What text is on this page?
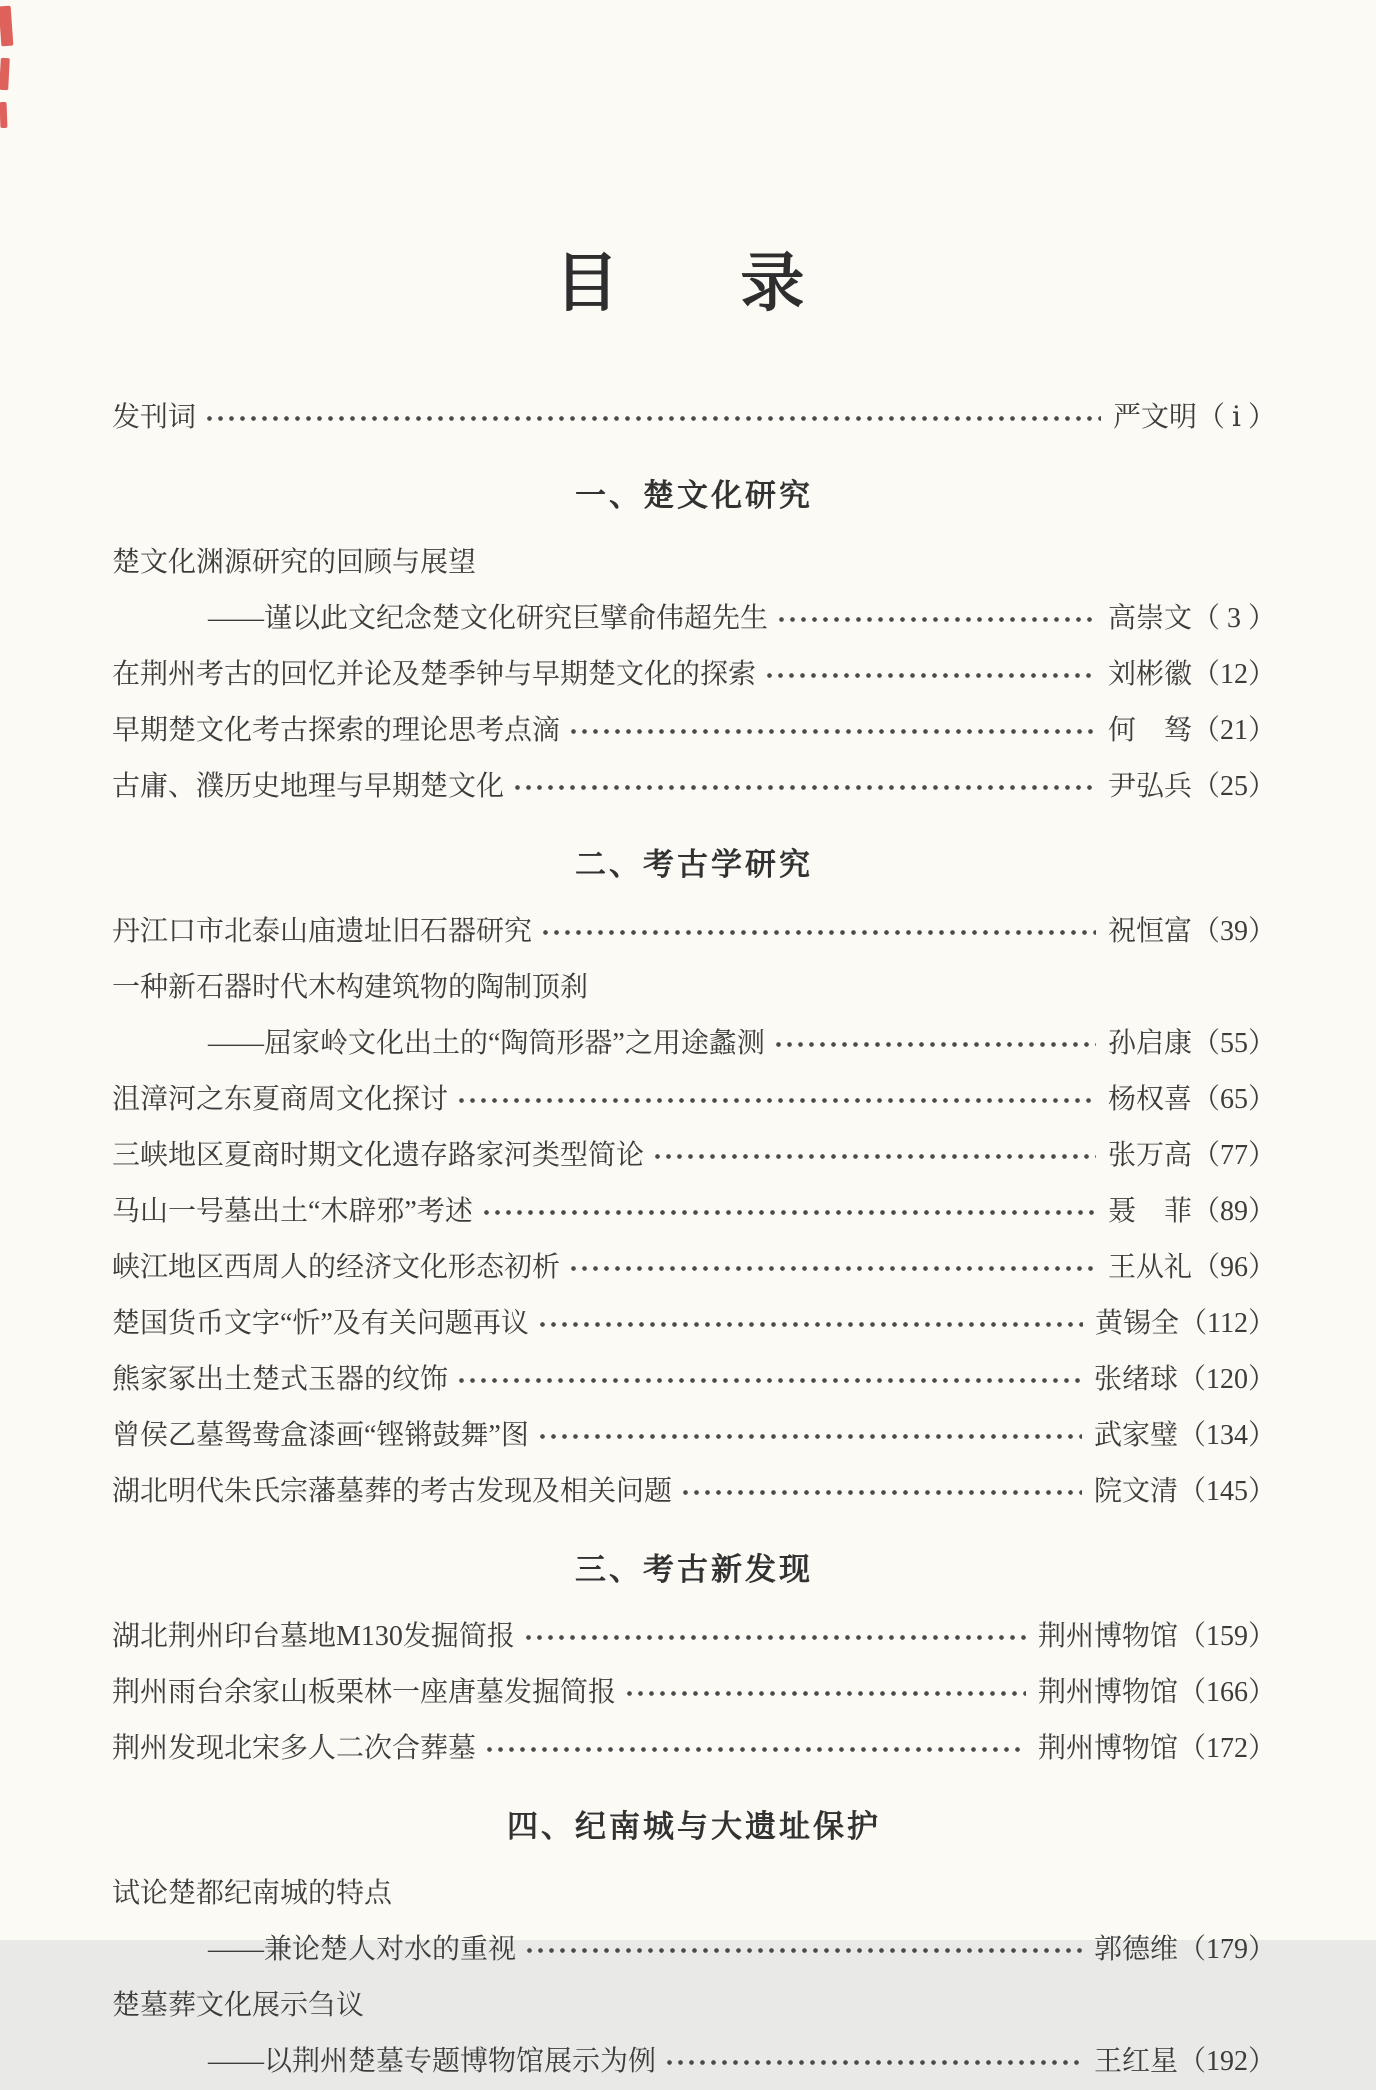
目　录
发刊词	严文明 （ ⅰ ）
一、楚文化研究
楚文化渊源研究的回顾与展望
——谨以此文纪念楚文化研究巨擘俞伟超先生	高崇文 （ 3 ）
在荆州考古的回忆并论及楚季钟与早期楚文化的探索	刘彬徽 （12）
早期楚文化考古探索的理论思考点滴	何　驽 （21）
古庸、濮历史地理与早期楚文化	尹弘兵 （25）
二、考古学研究
丹江口市北泰山庙遗址旧石器研究	祝恒富 （39）
一种新石器时代木构建筑物的陶制顶刹
——屈家岭文化出土的“陶筒形器”之用途蠡测	孙启康 （55）
沮漳河之东夏商周文化探讨	杨权喜 （65）
三峡地区夏商时期文化遗存路家河类型简论	张万高 （77）
马山一号墓出土“木辟邪”考述	聂　菲 （89）
峡江地区西周人的经济文化形态初析	王从礼 （96）
楚国货币文字“忻”及有关问题再议	黄锡全 （112）
熊家冢出土楚式玉器的纹饰	张绪球 （120）
曾侯乙墓鸳鸯盒漆画“铿锵鼓舞”图	武家璧 （134）
湖北明代朱氏宗藩墓葬的考古发现及相关问题	院文清 （145）
三、考古新发现
湖北荆州印台墓地M130发掘简报	荆州博物馆 （159）
荆州雨台余家山板栗林一座唐墓发掘简报	荆州博物馆 （166）
荆州发现北宋多人二次合葬墓	荆州博物馆 （172）
四、纪南城与大遗址保护
试论楚都纪南城的特点
——兼论楚人对水的重视	郭德维 （179）
楚墓葬文化展示刍议
——以荆州楚墓专题博物馆展示为例	王红星 （192）
